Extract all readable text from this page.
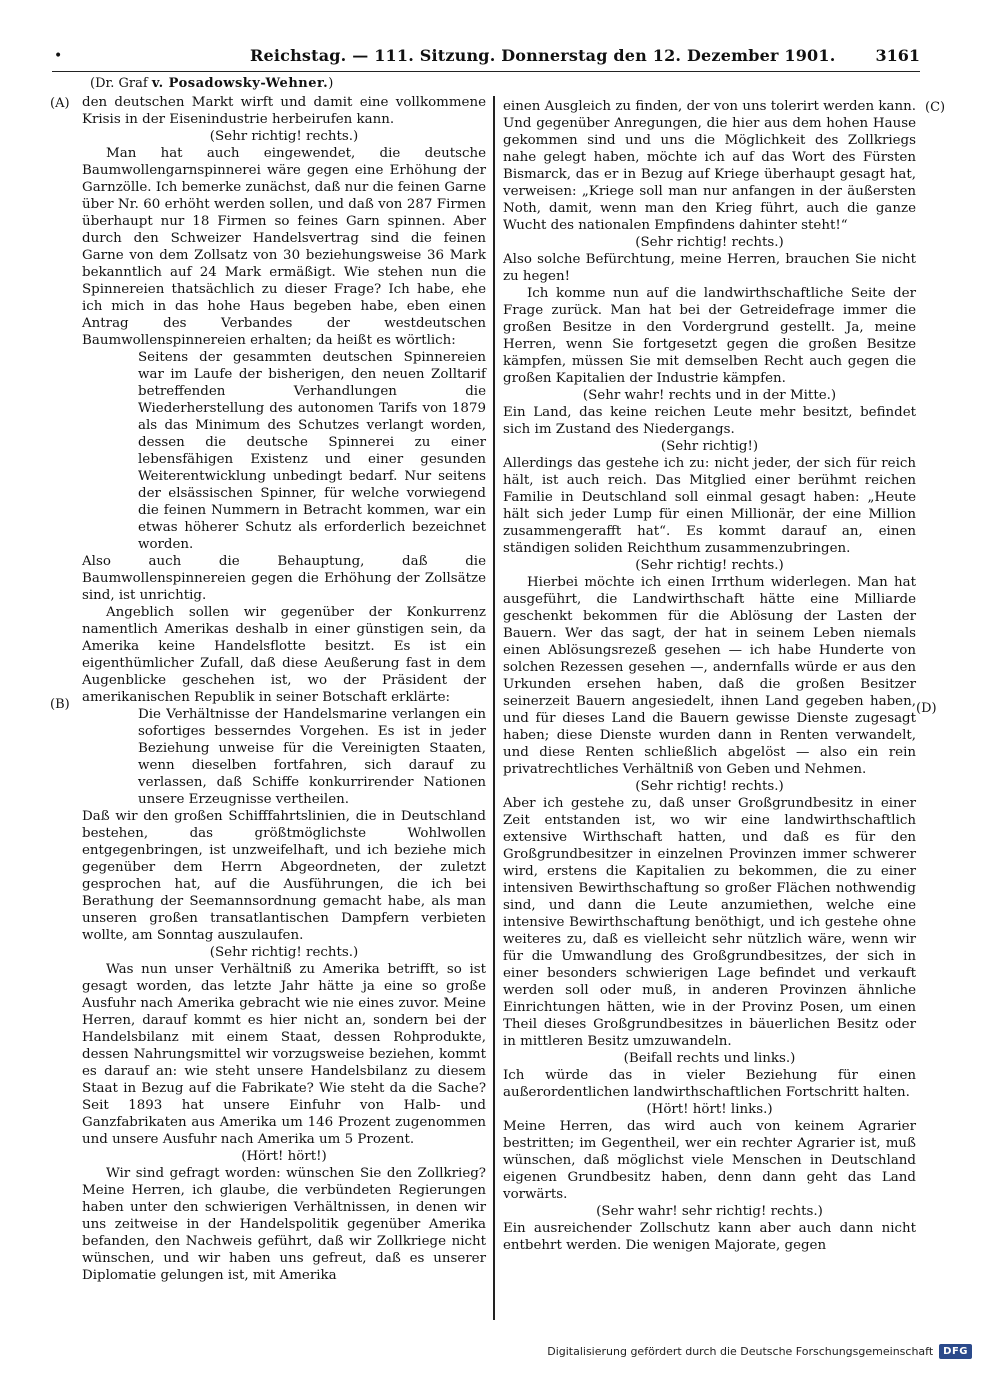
•	Reichstag. — 111. Sitzung. Donnerstag den 12. Dezember 1901. 3161
(Dr. Graf v. Posadowsky-Wehner.)
(A)
(B)
(C)
(D)

den deutschen Markt wirft und damit eine vollkommene Krisis in der Eisenindustrie herbeirufen kann.

(Sehr richtig! rechts.)

Man hat auch eingewendet, die deutsche Baumwollengarnspinnerei wäre gegen eine Erhöhung der Garnzölle. Ich bemerke zunächst, daß nur die feinen Garne über Nr. 60 erhöht werden sollen, und daß von 287 Firmen überhaupt nur 18 Firmen so feines Garn spinnen. Aber durch den Schweizer Handelsvertrag sind die feinen Garne von dem Zollsatz von 30 beziehungsweise 36 Mark bekanntlich auf 24 Mark ermäßigt. Wie stehen nun die Spinnereien thatsächlich zu dieser Frage? Ich habe, ehe ich mich in das hohe Haus begeben habe, eben einen Antrag des Verbandes der westdeutschen Baumwollenspinnereien erhalten; da heißt es wörtlich:

Seitens der gesammten deutschen Spinnereien war im Laufe der bisherigen, den neuen Zolltarif betreffenden Verhandlungen die Wiederherstellung des autonomen Tarifs von 1879 als das Minimum des Schutzes verlangt worden, dessen die deutsche Spinnerei zu einer lebensfähigen Existenz und einer gesunden Weiterentwicklung unbedingt bedarf. Nur seitens der elsässischen Spinner, für welche vorwiegend die feinen Nummern in Betracht kommen, war ein etwas höherer Schutz als erforderlich bezeichnet worden.

Also auch die Behauptung, daß die Baumwollenspinnereien gegen die Erhöhung der Zollsätze sind, ist unrichtig.

Angeblich sollen wir gegenüber der Konkurrenz namentlich Amerikas deshalb in einer günstigen sein, da Amerika keine Handelsflotte besitzt. Es ist ein eigenthümlicher Zufall, daß diese Aeußerung fast in dem Augenblicke geschehen ist, wo der Präsident der amerikanischen Republik in seiner Botschaft erklärte:

Die Verhältnisse der Handelsmarine verlangen ein sofortiges besserndes Vorgehen. Es ist in jeder Beziehung unweise für die Vereinigten Staaten, wenn dieselben fortfahren, sich darauf zu verlassen, daß Schiffe konkurrirender Nationen unsere Erzeugnisse vertheilen.

Daß wir den großen Schifffahrtslinien, die in Deutschland bestehen, das größtmöglichste Wohlwollen entgegenbringen, ist unzweifelhaft, und ich beziehe mich gegenüber dem Herrn Abgeordneten, der zuletzt gesprochen hat, auf die Ausführungen, die ich bei Berathung der Seemannsordnung gemacht habe, als man unseren großen transatlantischen Dampfern verbieten wollte, am Sonntag auszulaufen.

(Sehr richtig! rechts.)

Was nun unser Verhältniß zu Amerika betrifft, so ist gesagt worden, das letzte Jahr hätte ja eine so große Ausfuhr nach Amerika gebracht wie nie eines zuvor. Meine Herren, darauf kommt es hier nicht an, sondern bei der Handelsbilanz mit einem Staat, dessen Rohprodukte, dessen Nahrungsmittel wir vorzugsweise beziehen, kommt es darauf an: wie steht unsere Handelsbilanz zu diesem Staat in Bezug auf die Fabrikate? Wie steht da die Sache? Seit 1893 hat unsere Einfuhr von Halb- und Ganzfabrikaten aus Amerika um 146 Prozent zugenommen und unsere Ausfuhr nach Amerika um 5 Prozent.

(Hört! hört!)

Wir sind gefragt worden: wünschen Sie den Zollkrieg? Meine Herren, ich glaube, die verbündeten Regierungen haben unter den schwierigen Verhältnissen, in denen wir uns zeitweise in der Handelspolitik gegenüber Amerika befanden, den Nachweis geführt, daß wir Zollkriege nicht wünschen, und wir haben uns gefreut, daß es unserer Diplomatie gelungen ist, mit Amerika

einen Ausgleich zu finden, der von uns tolerirt werden kann. Und gegenüber Anregungen, die hier aus dem hohen Hause gekommen sind und uns die Möglichkeit des Zollkriegs nahe gelegt haben, möchte ich auf das Wort des Fürsten Bismarck, das er in Bezug auf Kriege überhaupt gesagt hat, verweisen: „Kriege soll man nur anfangen in der äußersten Noth, damit, wenn man den Krieg führt, auch die ganze Wucht des nationalen Empfindens dahinter steht!“

(Sehr richtig! rechts.)

Also solche Befürchtung, meine Herren, brauchen Sie nicht zu hegen!

Ich komme nun auf die landwirthschaftliche Seite der Frage zurück. Man hat bei der Getreidefrage immer die großen Besitze in den Vordergrund gestellt. Ja, meine Herren, wenn Sie fortgesetzt gegen die großen Besitze kämpfen, müssen Sie mit demselben Recht auch gegen die großen Kapitalien der Industrie kämpfen.

(Sehr wahr! rechts und in der Mitte.)

Ein Land, das keine reichen Leute mehr besitzt, befindet sich im Zustand des Niedergangs.

(Sehr richtig!)

Allerdings das gestehe ich zu: nicht jeder, der sich für reich hält, ist auch reich. Das Mitglied einer berühmt reichen Familie in Deutschland soll einmal gesagt haben: „Heute hält sich jeder Lump für einen Millionär, der eine Million zusammengerafft hat“. Es kommt darauf an, einen ständigen soliden Reichthum zusammenzubringen.

(Sehr richtig! rechts.)

Hierbei möchte ich einen Irrthum widerlegen. Man hat ausgeführt, die Landwirthschaft hätte eine Milliarde geschenkt bekommen für die Ablösung der Lasten der Bauern. Wer das sagt, der hat in seinem Leben niemals einen Ablösungsrezeß gesehen — ich habe Hunderte von solchen Rezessen gesehen —, andernfalls würde er aus den Urkunden ersehen haben, daß die großen Besitzer seinerzeit Bauern angesiedelt, ihnen Land gegeben haben, und für dieses Land die Bauern gewisse Dienste zugesagt haben; diese Dienste wurden dann in Renten verwandelt, und diese Renten schließlich abgelöst — also ein rein privatrechtliches Verhältniß von Geben und Nehmen.

(Sehr richtig! rechts.)

Aber ich gestehe zu, daß unser Großgrundbesitz in einer Zeit entstanden ist, wo wir eine landwirthschaftlich extensive Wirthschaft hatten, und daß es für den Großgrundbesitzer in einzelnen Provinzen immer schwerer wird, erstens die Kapitalien zu bekommen, die zu einer intensiven Bewirthschaftung so großer Flächen nothwendig sind, und dann die Leute anzumiethen, welche eine intensive Bewirthschaftung benöthigt, und ich gestehe ohne weiteres zu, daß es vielleicht sehr nützlich wäre, wenn wir für die Umwandlung des Großgrundbesitzes, der sich in einer besonders schwierigen Lage befindet und verkauft werden soll oder muß, in anderen Provinzen ähnliche Einrichtungen hätten, wie in der Provinz Posen, um einen Theil dieses Großgrundbesitzes in bäuerlichen Besitz oder in mittleren Besitz umzuwandeln.

(Beifall rechts und links.)

Ich würde das in vieler Beziehung für einen außerordentlichen landwirthschaftlichen Fortschritt halten.

(Hört! hört! links.)

Meine Herren, das wird auch von keinem Agrarier bestritten; im Gegentheil, wer ein rechter Agrarier ist, muß wünschen, daß möglichst viele Menschen in Deutschland eigenen Grundbesitz haben, denn dann geht das Land vorwärts.

(Sehr wahr! sehr richtig! rechts.)

Ein ausreichender Zollschutz kann aber auch dann nicht entbehrt werden. Die wenigen Majorate, gegen

Digitalisierung gefördert durch die Deutsche Forschungsgemeinschaft	DFG
